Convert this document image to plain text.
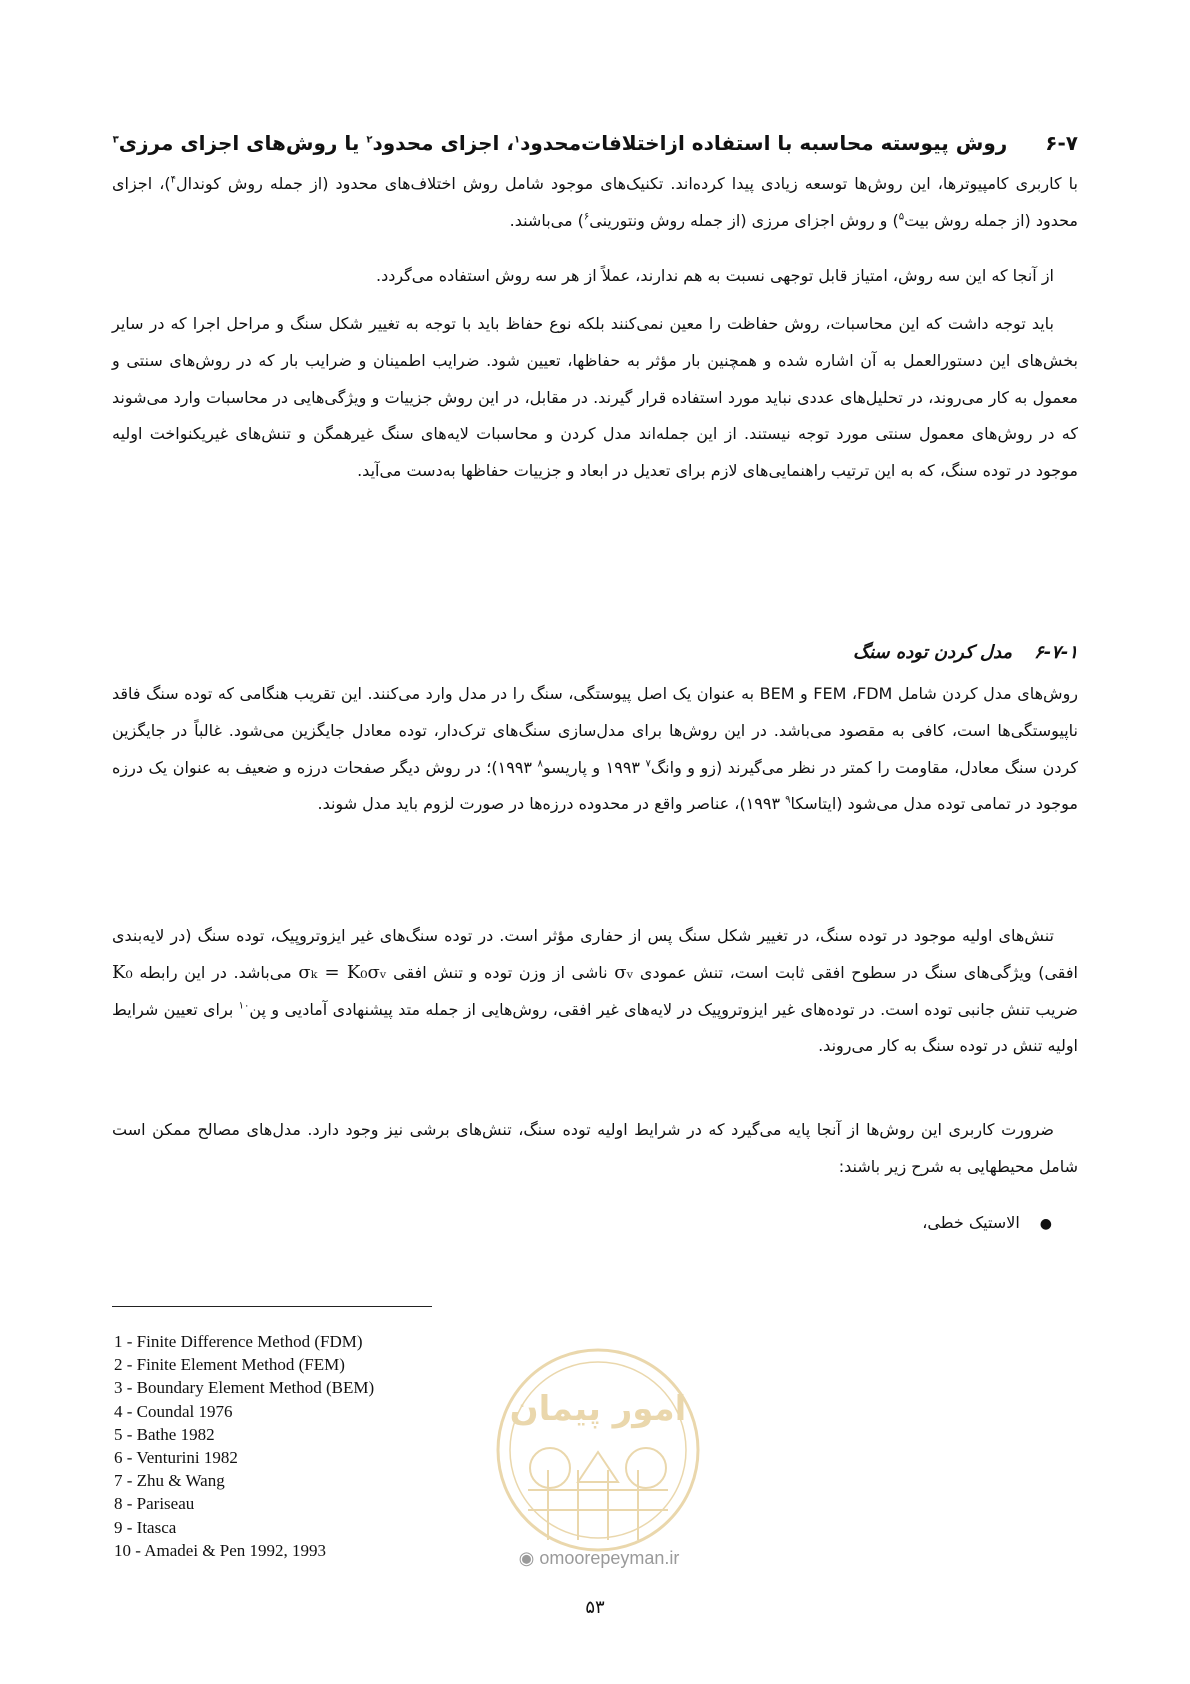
۶-۷روش پیوسته محاسبه با استفاده ازاختلافات‌محدود$^۱$، اجزای محدود$^۲$ یا روش‌های اجزای مرزی$^۳$
با کاربری کامپیوترها، این روش‌ها توسعه زیادی پیدا کرده‌اند. تکنیک‌های موجود شامل روش اختلاف‌های محدود (از جمله روش کوندال$^۴$)، اجزای محدود (از جمله روش بیت$^۵$) و روش اجزای مرزی (از جمله روش ونتورینی$^۶$) می‌باشند.
از آنجا که این سه روش، امتیاز قابل توجهی نسبت به هم ندارند، عملاً از هر سه روش استفاده می‌گردد.
باید توجه داشت که این محاسبات، روش حفاظت را معین نمی‌کنند بلکه نوع حفاظ باید با توجه به تغییر شکل سنگ و مراحل اجرا که در سایر بخش‌های این دستورالعمل به آن اشاره شده و همچنین بار مؤثر به حفاظها، تعیین شود. ضرایب اطمینان و ضرایب بار که در روش‌های سنتی و معمول به کار می‌روند، در تحلیل‌های عددی نباید مورد استفاده قرار گیرند. در مقابل، در این روش جزییات و ویژگی‌هایی در محاسبات وارد می‌شوند که در روش‌های معمول سنتی مورد توجه نیستند. از این جمله‌اند مدل کردن و محاسبات لایه‌های سنگ غیرهمگن و تنش‌های غیریکنواخت اولیه موجود در توده سنگ، که به این ترتیب راهنمایی‌های لازم برای تعدیل در ابعاد و جزییات حفاظها به‌دست می‌آید.
۶-۷-۱مدل کردن توده سنگ
روش‌های مدل کردن شامل FEM ،FDM و BEM به عنوان یک اصل پیوستگی، سنگ را در مدل وارد می‌کنند. این تقریب هنگامی که توده سنگ فاقد ناپیوستگی‌ها است، کافی به مقصود می‌باشد. در این روش‌ها برای مدل‌سازی سنگ‌های ترک‌دار، توده معادل جایگزین می‌شود. غالباً در جایگزین کردن سنگ معادل، مقاومت را کمتر در نظر می‌گیرند (زو و وانگ$^۷$ ۱۹۹۳ و پاریسو$^۸$ ۱۹۹۳)؛ در روش دیگر صفحات درزه و ضعیف به عنوان یک درزه موجود در تمامی توده مدل می‌شود (ایتاسکا$^۹$ ۱۹۹۳)، عناصر واقع در محدوده درزه‌ها در صورت لزوم باید مدل شوند.
تنش‌های اولیه موجود در توده سنگ، در تغییر شکل سنگ پس از حفاری مؤثر است. در توده سنگ‌های غیر ایزوتروپیک، توده سنگ (در لایه‌بندی افقی) ویژگی‌های سنگ در سطوح افقی ثابت است، تنش عمودی σᵥ ناشی از وزن توده و تنش افقی σₖ = K₀σᵥ می‌باشد. در این رابطه K₀ ضریب تنش جانبی توده است. در توده‌های غیر ایزوتروپیک در لایه‌های غیر افقی، روش‌هایی از جمله متد پیشنهادی آمادیی و پن$^{۱۰}$ برای تعیین شرایط اولیه تنش در توده سنگ به کار می‌روند.
ضرورت کاربری این روش‌ها از آنجا پایه می‌گیرد که در شرایط اولیه توده سنگ، تنش‌های برشی نیز وجود دارد. مدل‌های مصالح ممکن است شامل محیطهایی به شرح زیر باشند:
●الاستیک خطی،
1 - Finite Difference Method (FDM)
2 - Finite Element Method (FEM)
3 - Boundary Element Method (BEM)
4 - Coundal 1976
5 - Bathe 1982
6 - Venturini 1982
7 - Zhu & Wang
8 - Pariseau
9 - Itasca
10 - Amadei & Pen 1992, 1993
امور پیمان
◉ omoorepeyman.ir
۵۳
